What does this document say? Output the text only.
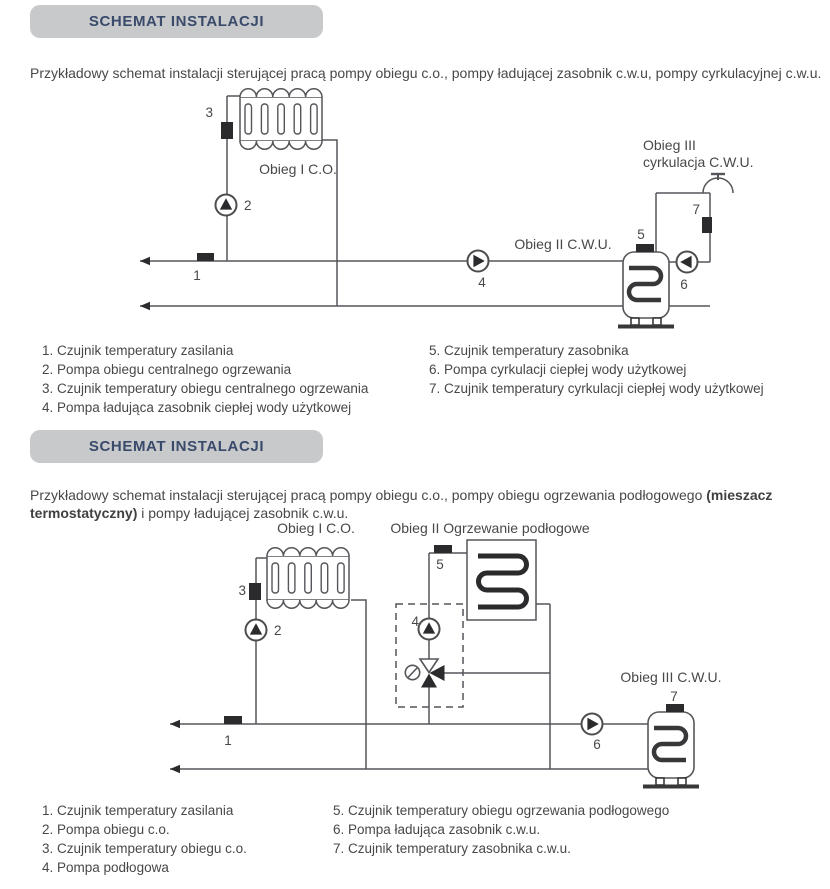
SCHEMAT INSTALACJI

Przykładowy schemat instalacji sterującej pracą pompy obiegu c.o., pompy ładującej zasobnik c.w.u, pompy cyrkulacyjnej c.w.u.

Obieg I C.O.
Obieg II C.W.U.
Obieg III
cyrkulacja C.W.U.
1
2
3
4
5
6
7
1. Czujnik temperatury zasilania
2. Pompa obiegu centralnego ogrzewania
3. Czujnik temperatury obiegu centralnego ogrzewania
4. Pompa ładująca zasobnik ciepłej wody użytkowej
5. Czujnik temperatury zasobnika
6. Pompa cyrkulacji ciepłej wody użytkowej
7. Czujnik temperatury cyrkulacji ciepłej wody użytkowej
SCHEMAT INSTALACJI

Przykładowy schemat instalacji sterującej pracą pompy obiegu c.o., pompy obiegu ogrzewania podłogowego (mieszacz termostatyczny) i pompy ładującej zasobnik c.w.u.

Obieg I C.O.	Obieg II Ogrzewanie podłogowe
Obieg III C.W.U.
1
2
3
4
5
6
7
1. Czujnik temperatury zasilania
2. Pompa obiegu c.o.
3. Czujnik temperatury obiegu c.o.
4. Pompa podłogowa
5. Czujnik temperatury obiegu ogrzewania podłogowego
6. Pompa ładująca zasobnik c.w.u.
7. Czujnik temperatury zasobnika c.w.u.
